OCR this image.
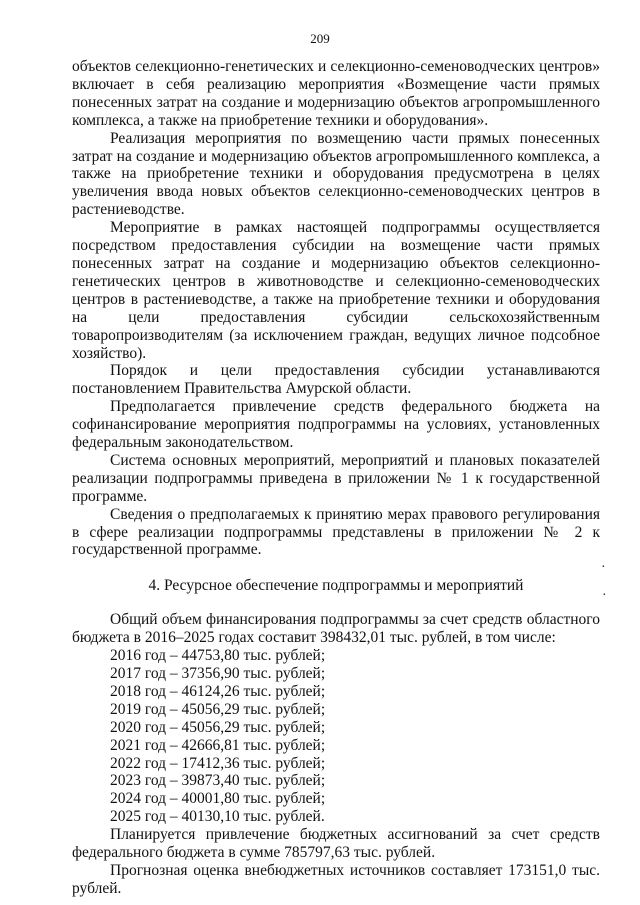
209

объектов селекционно-генетических и селекционно-семеноводческих центров» включает в себя реализацию мероприятия «Возмещение части прямых понесенных затрат на создание и модернизацию объектов агропромышленного комплекса, а также на приобретение техники и оборудования».

Реализация мероприятия по возмещению части прямых понесенных затрат на создание и модернизацию объектов агропромышленного комплекса, а также на приобретение техники и оборудования предусмотрена в целях увеличения ввода новых объектов селекционно-семеноводческих центров в растениеводстве.

Мероприятие в рамках настоящей подпрограммы осуществляется посредством предоставления субсидии на возмещение части прямых понесенных затрат на создание и модернизацию объектов селекционно-генетических центров в животноводстве и селекционно-семеноводческих центров в растениеводстве, а также на приобретение техники и оборудования на цели предоставления субсидии сельскохозяйственным товаропроизводителям (за исключением граждан, ведущих личное подсобное хозяйство).

Порядок и цели предоставления субсидии устанавливаются постановлением Правительства Амурской области.

Предполагается привлечение средств федерального бюджета на софинансирование мероприятия подпрограммы на условиях, установленных федеральным законодательством.

Система основных мероприятий, мероприятий и плановых показателей реализации подпрограммы приведена в приложении № 1 к государственной программе.

Сведения о предполагаемых к принятию мерах правового регулирования в сфере реализации подпрограммы представлены в приложении № 2 к государственной программе.

4. Ресурсное обеспечение подпрограммы и мероприятий

Общий объем финансирования подпрограммы за счет средств областного бюджета в 2016–2025 годах составит 398432,01 тыс. рублей, в том числе:

2016 год – 44753,80 тыс. рублей;
2017 год – 37356,90 тыс. рублей;
2018 год – 46124,26 тыс. рублей;
2019 год – 45056,29 тыс. рублей;
2020 год – 45056,29 тыс. рублей;
2021 год – 42666,81 тыс. рублей;
2022 год – 17412,36 тыс. рублей;
2023 год – 39873,40 тыс. рублей;
2024 год – 40001,80 тыс. рублей;
2025 год – 40130,10 тыс. рублей.

Планируется привлечение бюджетных ассигнований за счет средств федерального бюджета в сумме 785797,63 тыс. рублей.

Прогнозная оценка внебюджетных источников составляет 173151,0 тыс. рублей.

·
·
